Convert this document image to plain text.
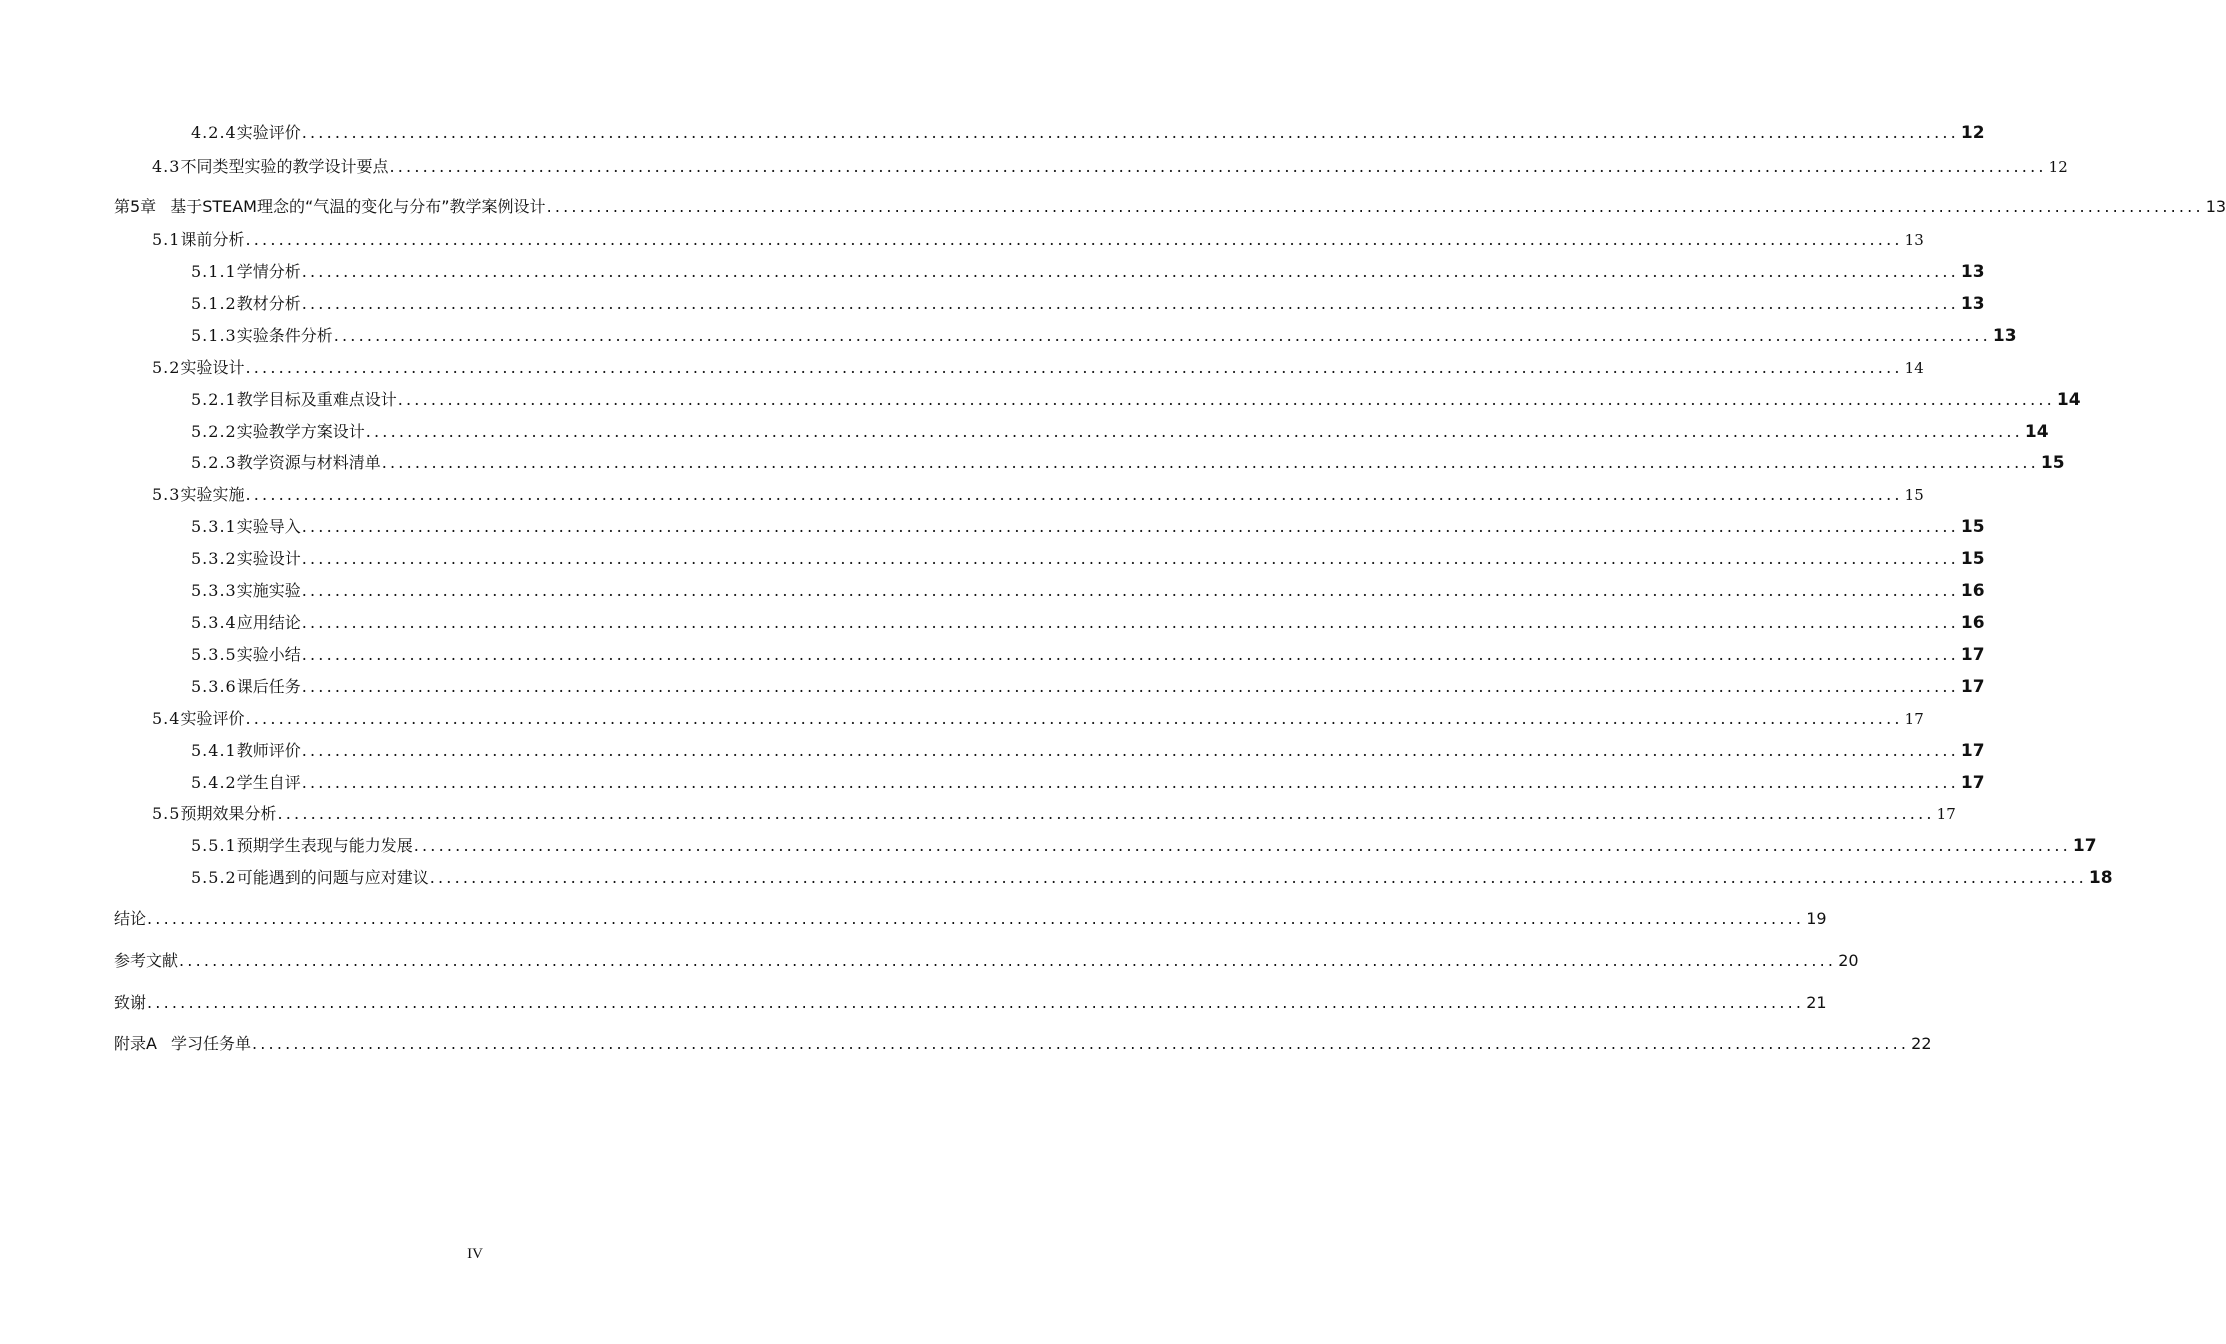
4.2.4 实验评价 ........................................................................................................................................................................................................ 12
4.3 不同类型实验的教学设计要点 ........................................................................................................................................................................................................ 12
第5章 基于STEAM理念的“气温的变化与分布”教学案例设计 ........................................................................................................................................................................................................ 13
5.1 课前分析 ........................................................................................................................................................................................................ 13
5.1.1 学情分析 ........................................................................................................................................................................................................ 13
5.1.2 教材分析 ........................................................................................................................................................................................................ 13
5.1.3 实验条件分析 ........................................................................................................................................................................................................ 13
5.2 实验设计 ........................................................................................................................................................................................................ 14
5.2.1 教学目标及重难点设计 ........................................................................................................................................................................................................ 14
5.2.2 实验教学方案设计 ........................................................................................................................................................................................................ 14
5.2.3 教学资源与材料清单 ........................................................................................................................................................................................................ 15
5.3 实验实施 ........................................................................................................................................................................................................ 15
5.3.1 实验导入 ........................................................................................................................................................................................................ 15
5.3.2 实验设计 ........................................................................................................................................................................................................ 15
5.3.3 实施实验 ........................................................................................................................................................................................................ 16
5.3.4 应用结论 ........................................................................................................................................................................................................ 16
5.3.5 实验小结 ........................................................................................................................................................................................................ 17
5.3.6 课后任务 ........................................................................................................................................................................................................ 17
5.4 实验评价 ........................................................................................................................................................................................................ 17
5.4.1 教师评价 ........................................................................................................................................................................................................ 17
5.4.2 学生自评 ........................................................................................................................................................................................................ 17
5.5 预期效果分析 ........................................................................................................................................................................................................ 17
5.5.1 预期学生表现与能力发展 ........................................................................................................................................................................................................ 17
5.5.2 可能遇到的问题与应对建议 ........................................................................................................................................................................................................ 18
结论 ........................................................................................................................................................................................................ 19
参考文献 ........................................................................................................................................................................................................ 20
致谢 ........................................................................................................................................................................................................ 21
附录A 学习任务单 ........................................................................................................................................................................................................ 22
IV
